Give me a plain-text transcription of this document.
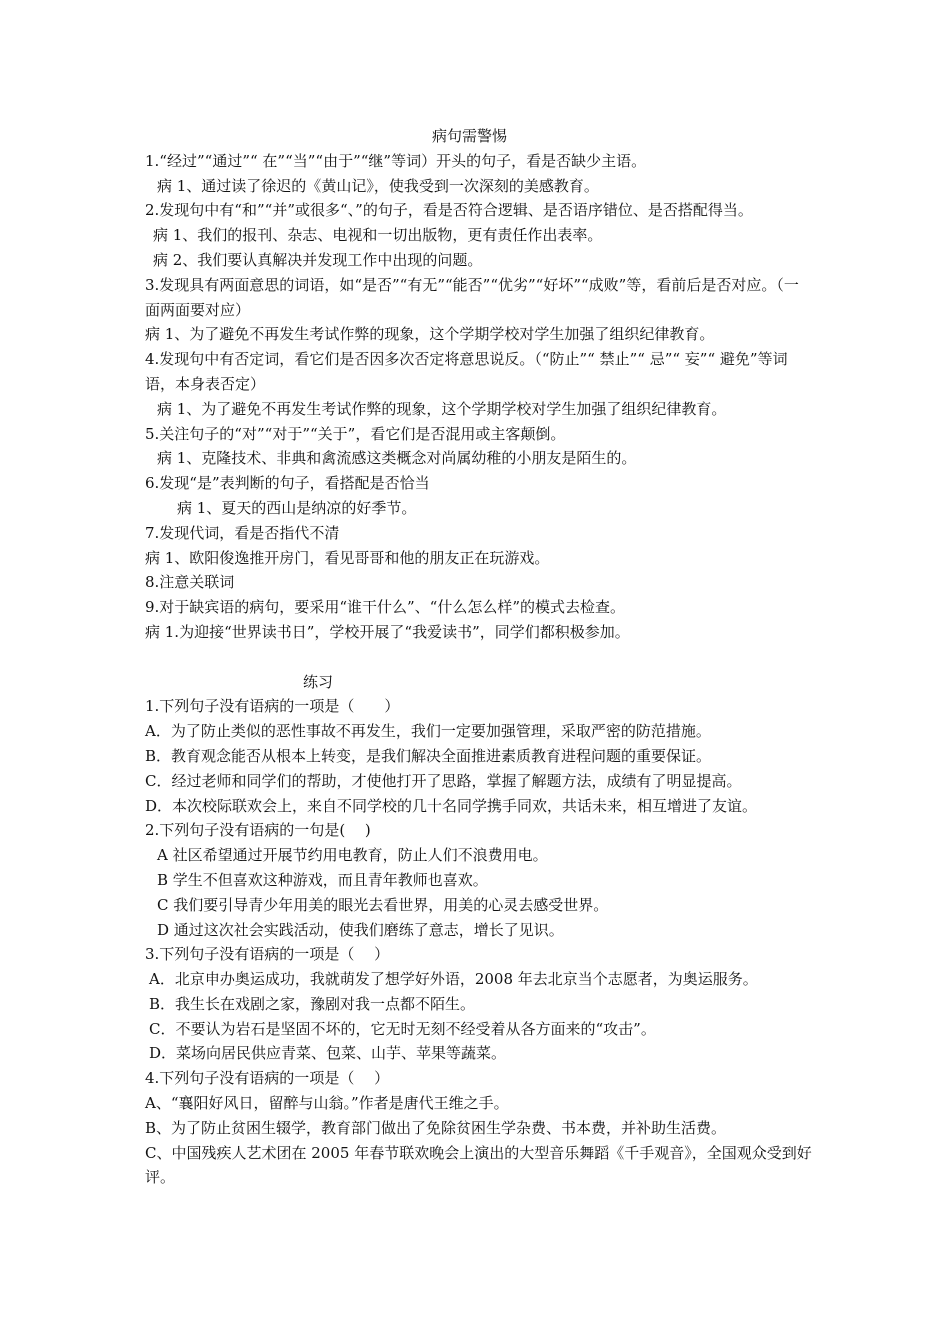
病句需警惕
1.“经过”“通过”“ 在”“当”“由于”“继”等词）开头的句子，看是否缺少主语。
病 1、通过读了徐迟的《黄山记》，使我受到一次深刻的美感教育。
2.发现句中有“和”“并”或很多“、”的句子，看是否符合逻辑、是否语序错位、是否搭配得当。
病 1、我们的报刊、杂志、电视和一切出版物，更有责任作出表率。
病 2、我们要认真解决并发现工作中出现的问题。
3.发现具有两面意思的词语，如“是否”“有无”“能否”“优劣”“好坏”“成败”等，看前后是否对应。（一面两面要对应）
病 1、为了避免不再发生考试作弊的现象，这个学期学校对学生加强了组织纪律教育。
4.发现句中有否定词，看它们是否因多次否定将意思说反。（“防止”“ 禁止”“ 忌”“ 妄”“ 避免”等词语，本身表否定）
病 1、为了避免不再发生考试作弊的现象，这个学期学校对学生加强了组织纪律教育。
5.关注句子的“对”“对于”“关于”，看它们是否混用或主客颠倒。
病 1、克隆技术、非典和禽流感这类概念对尚属幼稚的小朋友是陌生的。
6.发现“是”表判断的句子，看搭配是否恰当
病 1、夏天的西山是纳凉的好季节。
7.发现代词，看是否指代不清
病 1、欧阳俊逸推开房门，看见哥哥和他的朋友正在玩游戏。
8.注意关联词
9.对于缺宾语的病句，要采用“谁干什么”、“什么怎么样”的模式去检查。
病 1.为迎接“世界读书日”，学校开展了“我爱读书”，同学们都积极参加。
练习
1.下列句子没有语病的一项是（　　）
A．为了防止类似的恶性事故不再发生，我们一定要加强管理，采取严密的防范措施。
B．教育观念能否从根本上转变，是我们解决全面推进素质教育进程问题的重要保证。
C．经过老师和同学们的帮助，才使他打开了思路，掌握了解题方法，成绩有了明显提高。
D．本次校际联欢会上，来自不同学校的几十名同学携手同欢，共话未来，相互增进了友谊。
2.下列句子没有语病的一句是(　 )
A 社区希望通过开展节约用电教育，防止人们不浪费用电。
B 学生不但喜欢这种游戏，而且青年教师也喜欢。
C 我们要引导青少年用美的眼光去看世界，用美的心灵去感受世界。
D 通过这次社会实践活动，使我们磨练了意志，增长了见识。
3.下列句子没有语病的一项是（　 ）
A．北京申办奥运成功，我就萌发了想学好外语，2008 年去北京当个志愿者，为奥运服务。
B．我生长在戏剧之家，豫剧对我一点都不陌生。
C．不要认为岩石是坚固不坏的，它无时无刻不经受着从各方面来的“攻击”。
D．菜场向居民供应青菜、包菜、山芋、苹果等蔬菜。
4.下列句子没有语病的一项是（　 ）
A、“襄阳好风日，留醉与山翁。”作者是唐代王维之手。
B、为了防止贫困生辍学，教育部门做出了免除贫困生学杂费、书本费，并补助生活费。
C、中国残疾人艺术团在 2005 年春节联欢晚会上演出的大型音乐舞蹈《千手观音》，全国观众受到好评。
